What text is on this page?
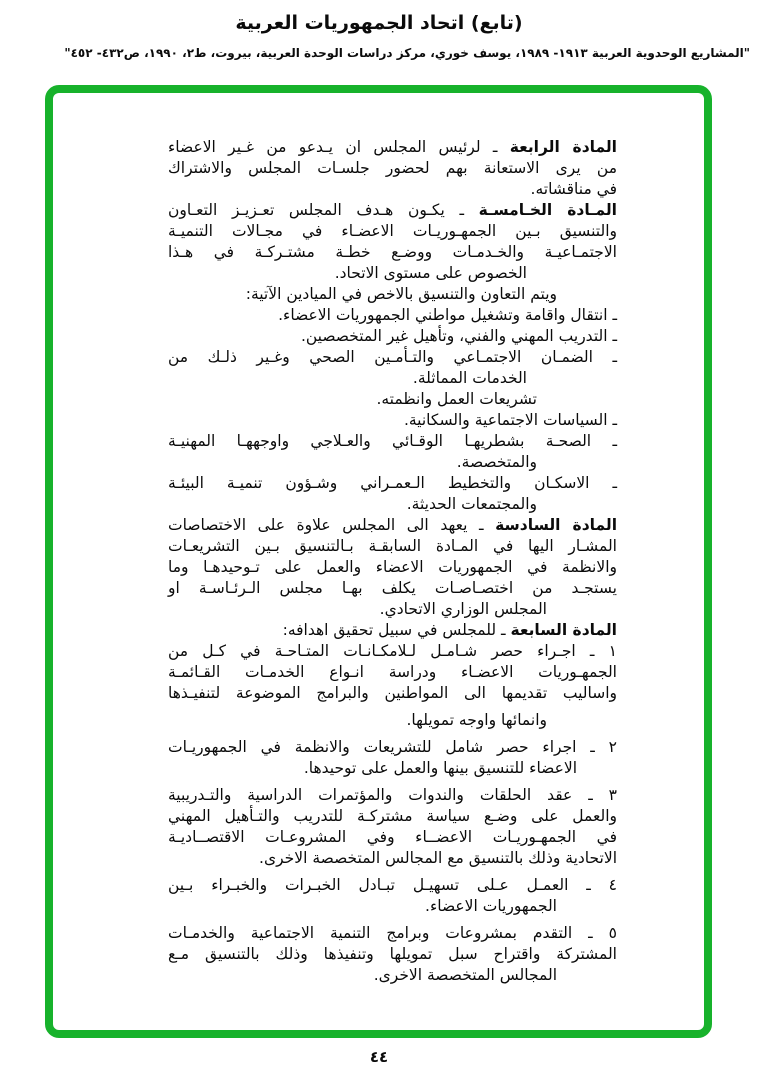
(تابع) اتحاد الجمهوريات العربية
"المشاريع الوحدوية العربية ١٩١٣- ١٩٨٩، يوسف خوري، مركز دراسات الوحدة العربية، بيروت، ط٢، ١٩٩٠، ص٤٣٢- ٤٥٢"
المادة الرابعة ـ لرئيس المجلس ان يـدعو من غـير الاعضاء
من يرى الاستعانة بهم لحضور جلسـات المجلس والاشتراك
في مناقشاته.
المـادة الخـامسـة ـ يكـون هـدف المجلس تعـزيـز التعـاون
والتنسيق بـين الجمهـوريـات الاعضـاء في مجـالات التنميـة
الاجتمـاعيـة والخـدمـات ووضـع خطـة مشتـركـة في هـذا
الخصوص على مستوى الاتحاد.
ويتم التعاون والتنسيق بالاخص في الميادين الآتية:
ـ انتقال واقامة وتشغيل مواطني الجمهوريات الاعضاء.
ـ التدريب المهني والفني، وتأهيل غير المتخصصين.
ـ الضمـان الاجتمـاعي والتـأمـين الصحي وغـير ذلـك من
الخدمات المماثلة.
تشريعات العمل وانظمته.
ـ السياسات الاجتماعية والسكانية.
ـ الصحـة بشطريهـا الوقـائي والعـلاجي واوجههـا المهنيـة
والمتخصصة.
ـ الاسكـان والتخطيط الـعمـراني وشـؤون تنميـة البيئـة
والمجتمعات الحديثة.
المادة السادسة ـ يعهد الى المجلس علاوة على الاختصاصات
المشـار اليها في المـادة السابقـة بـالتنسيق بـين التشريعـات
والانظمة في الجمهوريات الاعضاء والعمل على تـوحيدهـا وما
يستجـد من اختصـاصـات يكلف بهـا مجلس الـرئـاسـة او
المجلس الوزاري الاتحادي.
المادة السابعة ـ للمجلس في سبيل تحقيق اهدافه:
١ ـ اجـراء حصر شـامـل لـلامكـانـات المتـاحـة في كـل من
الجمهـوريات الاعضـاء ودراسة انـواع الخدمـات القـائمـة
واساليب تقديمها الى المواطنين والبرامج الموضوعة لتنفيـذها
وانمائها واوجه تمويلها.
٢ ـ اجراء حصر شامل للتشريعات والانظمة في الجمهوريـات
الاعضاء للتنسيق بينها والعمل على توحيدها.
٣ ـ عقد الحلقات والندوات والمؤتمرات الدراسية والتـدريبية
والعمل على وضـع سياسة مشتركـة للتدريب والتـأهيل المهني
في الجمهـوريـات الاعضــاء وفي المشروعـات الاقتصــاديـة
الاتحادية وذلك بالتنسيق مع المجالس المتخصصة الاخرى.
٤ ـ العمـل عـلى تسهيـل تبـادل الخبـرات والخبـراء بـين
الجمهوريات الاعضاء.
٥ ـ التقدم بمشروعات وبرامج التنمية الاجتماعية والخدمـات
المشتركة واقتراح سبل تمويلها وتنفيذها وذلك بالتنسيق مـع
المجالس المتخصصة الاخرى.
٤٤
